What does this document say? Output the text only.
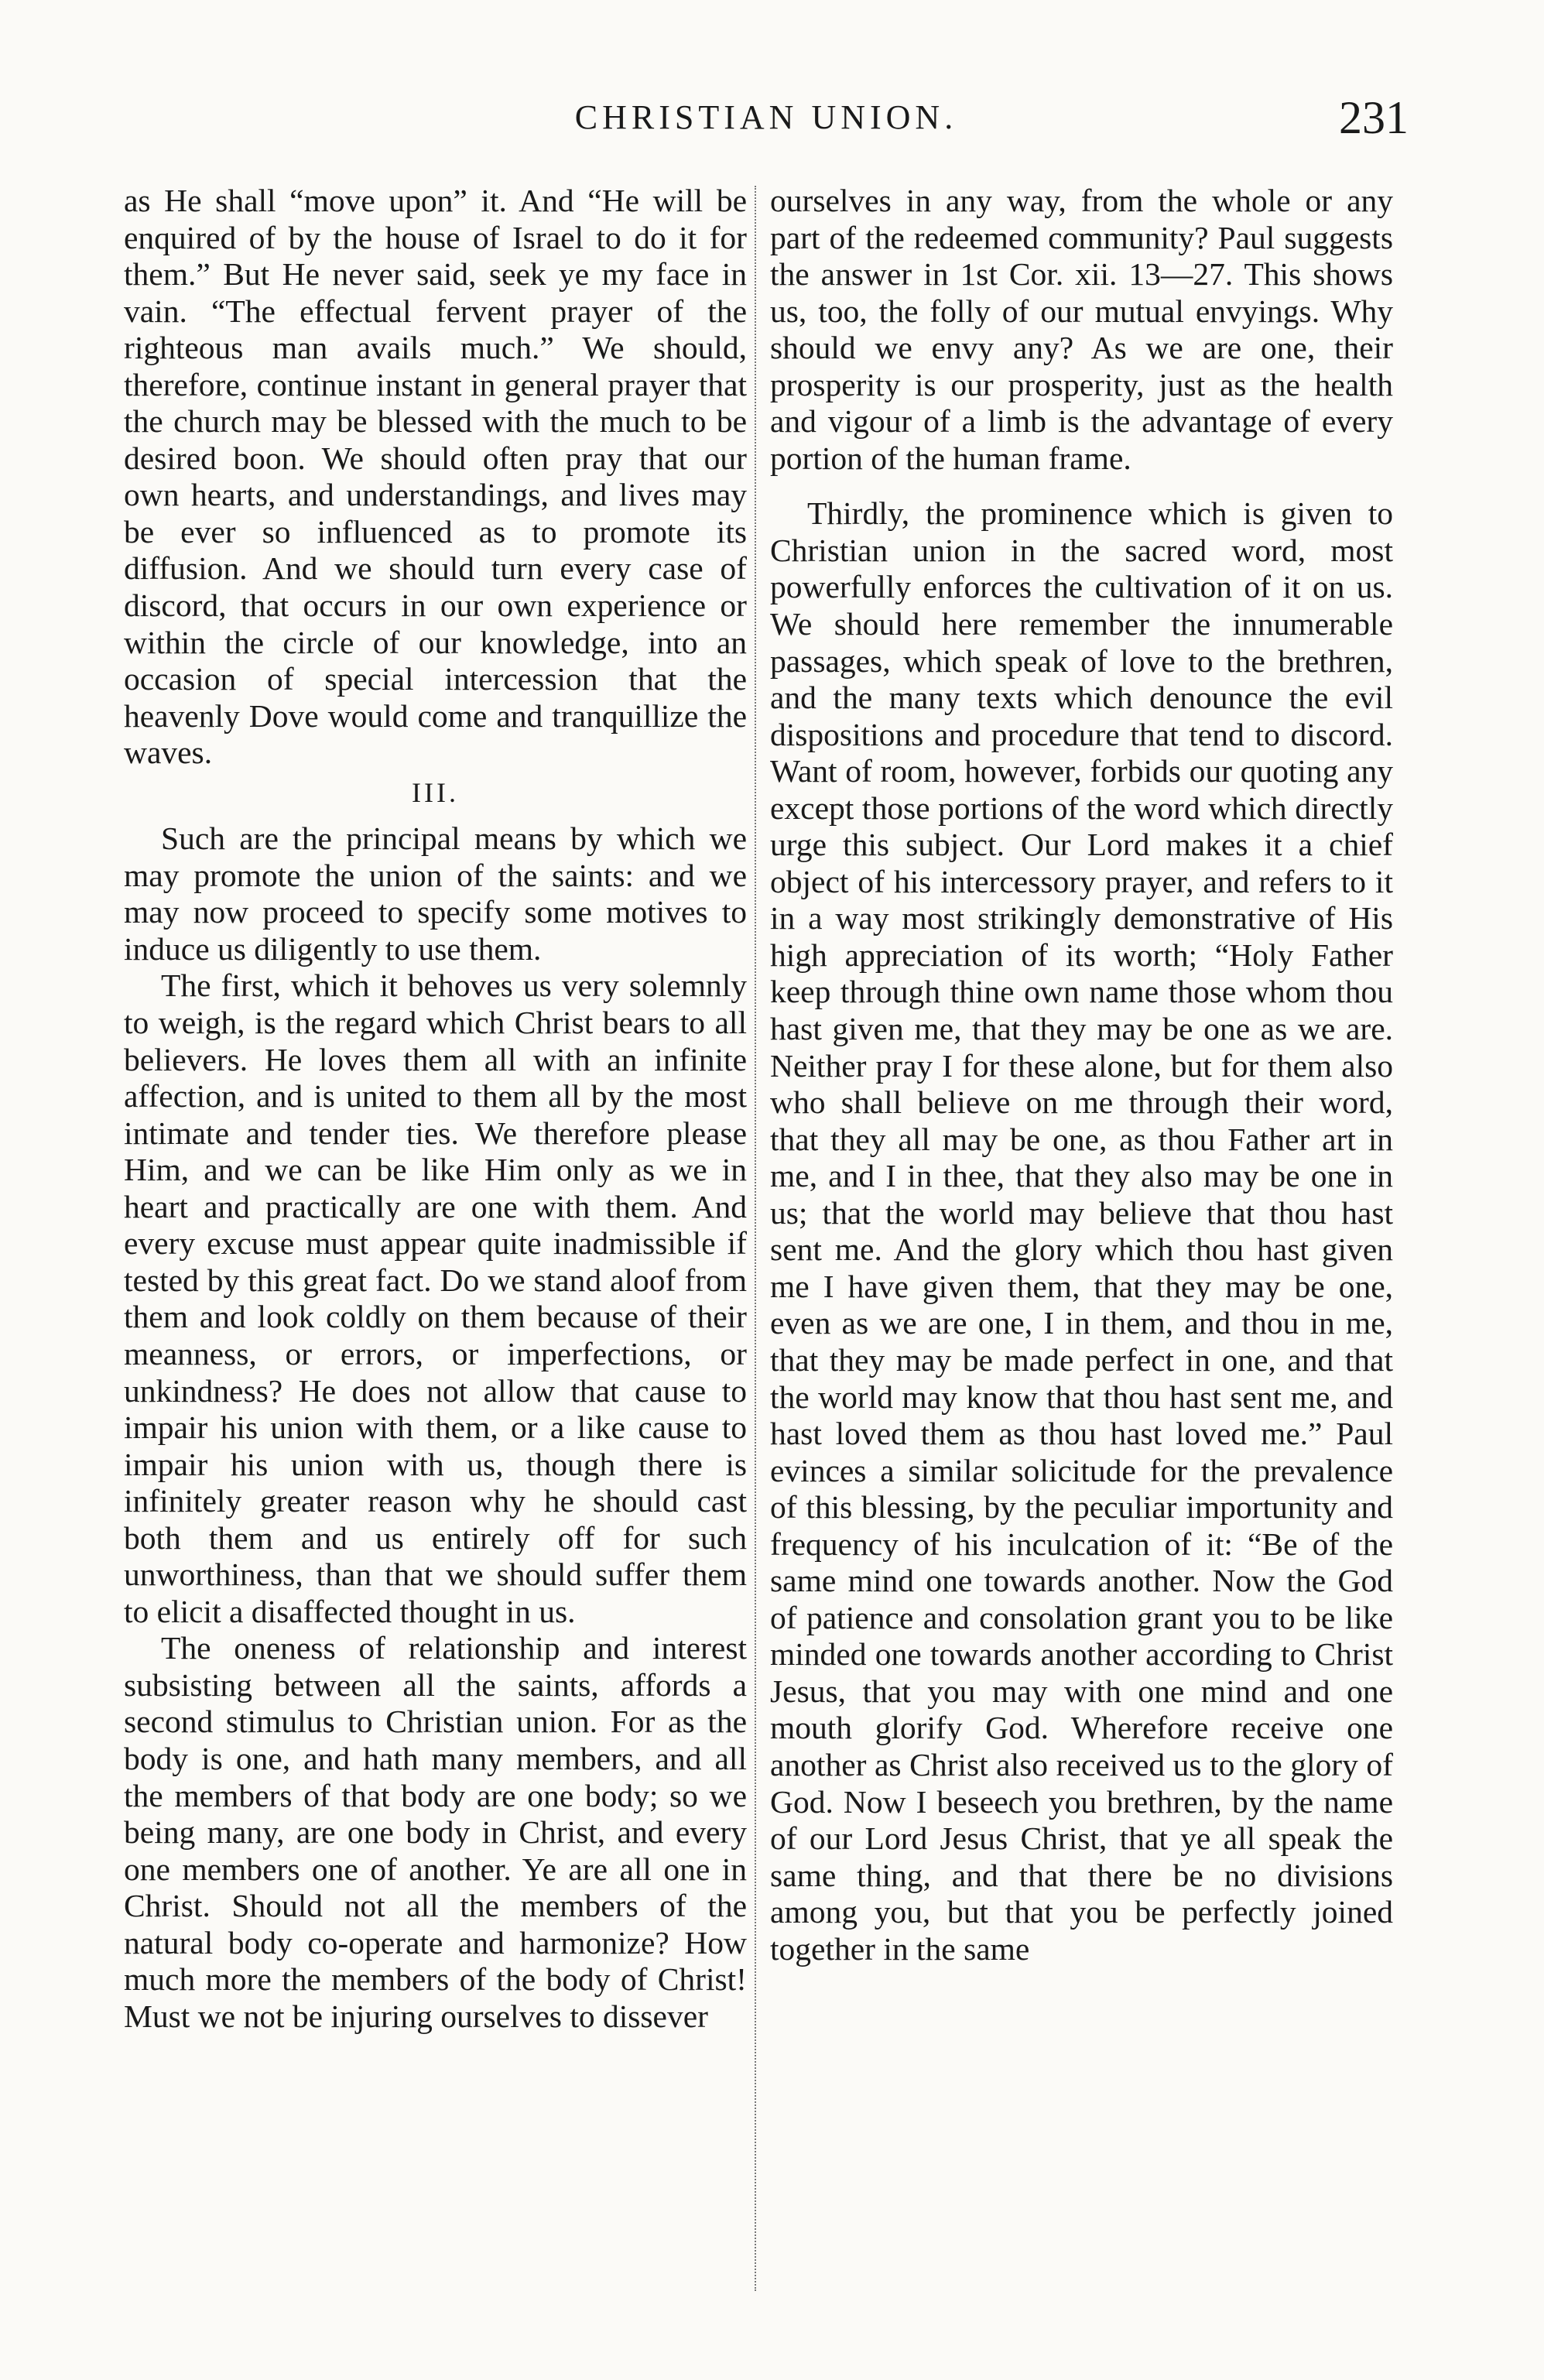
CHRISTIAN UNION.	231

as He shall “move upon” it. And “He will be enquired of by the house of Israel to do it for them.” But He never said, seek ye my face in vain. “The effectual fervent prayer of the righteous man avails much.” We should, therefore, continue instant in general prayer that the church may be blessed with the much to be desired boon. We should often pray that our own hearts, and understandings, and lives may be ever so influenced as to promote its diffusion. And we should turn every case of discord, that occurs in our own experience or within the circle of our knowledge, into an occasion of special intercession that the heavenly Dove would come and tranquillize the waves.

III.

Such are the principal means by which we may promote the union of the saints: and we may now proceed to specify some motives to induce us diligently to use them.

The first, which it behoves us very solemnly to weigh, is the regard which Christ bears to all believers. He loves them all with an infinite affection, and is united to them all by the most intimate and tender ties. We therefore please Him, and we can be like Him only as we in heart and practically are one with them. And every excuse must appear quite inadmissible if tested by this great fact. Do we stand aloof from them and look coldly on them because of their meanness, or errors, or imperfections, or unkindness? He does not allow that cause to impair his union with them, or a like cause to impair his union with us, though there is infinitely greater reason why he should cast both them and us entirely off for such unworthiness, than that we should suffer them to elicit a disaffected thought in us.

The oneness of relationship and interest subsisting between all the saints, affords a second stimulus to Christian union. For as the body is one, and hath many members, and all the members of that body are one body; so we being many, are one body in Christ, and every one members one of another. Ye are all one in Christ. Should not all the members of the natural body co-operate and harmonize? How much more the members of the body of Christ! Must we not be injuring ourselves to dissever

ourselves in any way, from the whole or any part of the redeemed community? Paul suggests the answer in 1st Cor. xii. 13—27. This shows us, too, the folly of our mutual envyings. Why should we envy any? As we are one, their prosperity is our prosperity, just as the health and vigour of a limb is the advantage of every portion of the human frame.

Thirdly, the prominence which is given to Christian union in the sacred word, most powerfully enforces the cultivation of it on us. We should here remember the innumerable passages, which speak of love to the brethren, and the many texts which denounce the evil dispositions and procedure that tend to discord. Want of room, however, forbids our quoting any except those portions of the word which directly urge this subject. Our Lord makes it a chief object of his intercessory prayer, and refers to it in a way most strikingly demonstrative of His high appreciation of its worth; “Holy Father keep through thine own name those whom thou hast given me, that they may be one as we are. Neither pray I for these alone, but for them also who shall believe on me through their word, that they all may be one, as thou Father art in me, and I in thee, that they also may be one in us; that the world may believe that thou hast sent me. And the glory which thou hast given me I have given them, that they may be one, even as we are one, I in them, and thou in me, that they may be made perfect in one, and that the world may know that thou hast sent me, and hast loved them as thou hast loved me.” Paul evinces a similar solicitude for the prevalence of this blessing, by the peculiar importunity and frequency of his inculcation of it: “Be of the same mind one towards another. Now the God of patience and consolation grant you to be like minded one towards another according to Christ Jesus, that you may with one mind and one mouth glorify God. Wherefore receive one another as Christ also received us to the glory of God. Now I beseech you brethren, by the name of our Lord Jesus Christ, that ye all speak the same thing, and that there be no divisions among you, but that you be perfectly joined together in the same
